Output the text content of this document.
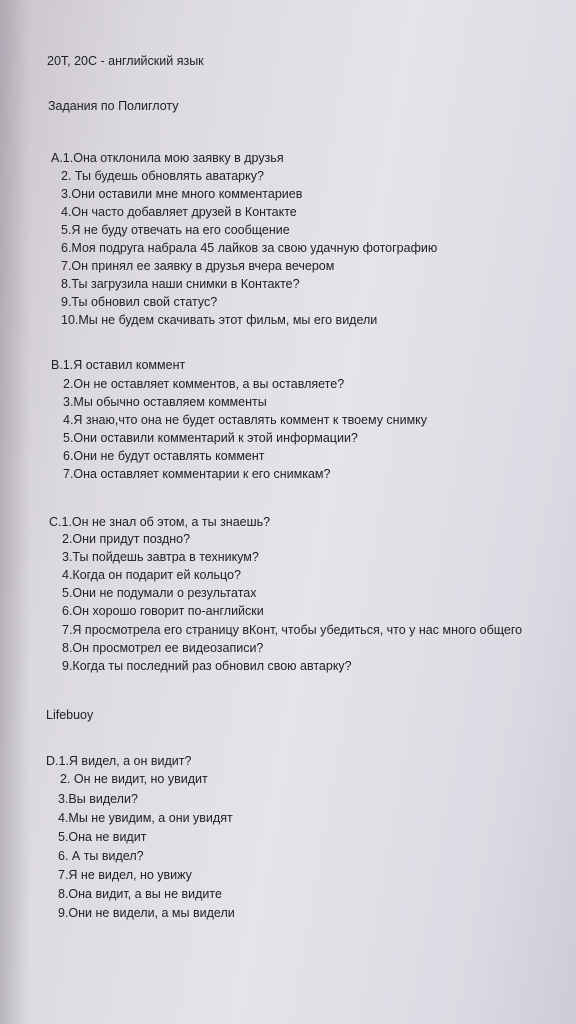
20Т, 20С - английский язык
Задания по Полиглоту
А.1.Она отклонила мою заявку в друзья
2. Ты будешь обновлять аватарку?
3.Они оставили мне много комментариев
4.Он часто добавляет друзей в Контакте
5.Я не буду отвечать на его сообщение
6.Моя подруга набрала 45 лайков за свою удачную фотографию
7.Он принял ее заявку в друзья вчера вечером
8.Ты загрузила наши снимки в Контакте?
9.Ты обновил свой статус?
10.Мы не будем скачивать этот фильм, мы его видели
В.1.Я оставил коммент
2.Он не оставляет комментов, а вы оставляете?
3.Мы обычно оставляем комменты
4.Я знаю,что она не будет оставлять коммент к твоему снимку
5.Они оставили комментарий к этой информации?
6.Они не будут оставлять коммент
7.Она оставляет комментарии к его снимкам?
С.1.Он не знал об этом, а ты знаешь?
2.Они придут поздно?
3.Ты пойдешь завтра в техникум?
4.Когда он подарит ей кольцо?
5.Они не подумали о результатах
6.Он хорошо говорит по-английски
7.Я просмотрела его страницу вКонт, чтобы убедиться, что у нас много общего
8.Он просмотрел ее видеозаписи?
9.Когда ты последний раз обновил свою автарку?
Lifebuoy
D.1.Я видел, а он видит?
2. Он не видит, но увидит
3.Вы видели?
4.Мы не увидим, а они увидят
5.Она не видит
6. А ты видел?
7.Я не видел, но увижу
8.Она видит, а вы не видите
9.Они не видели, а мы видели
